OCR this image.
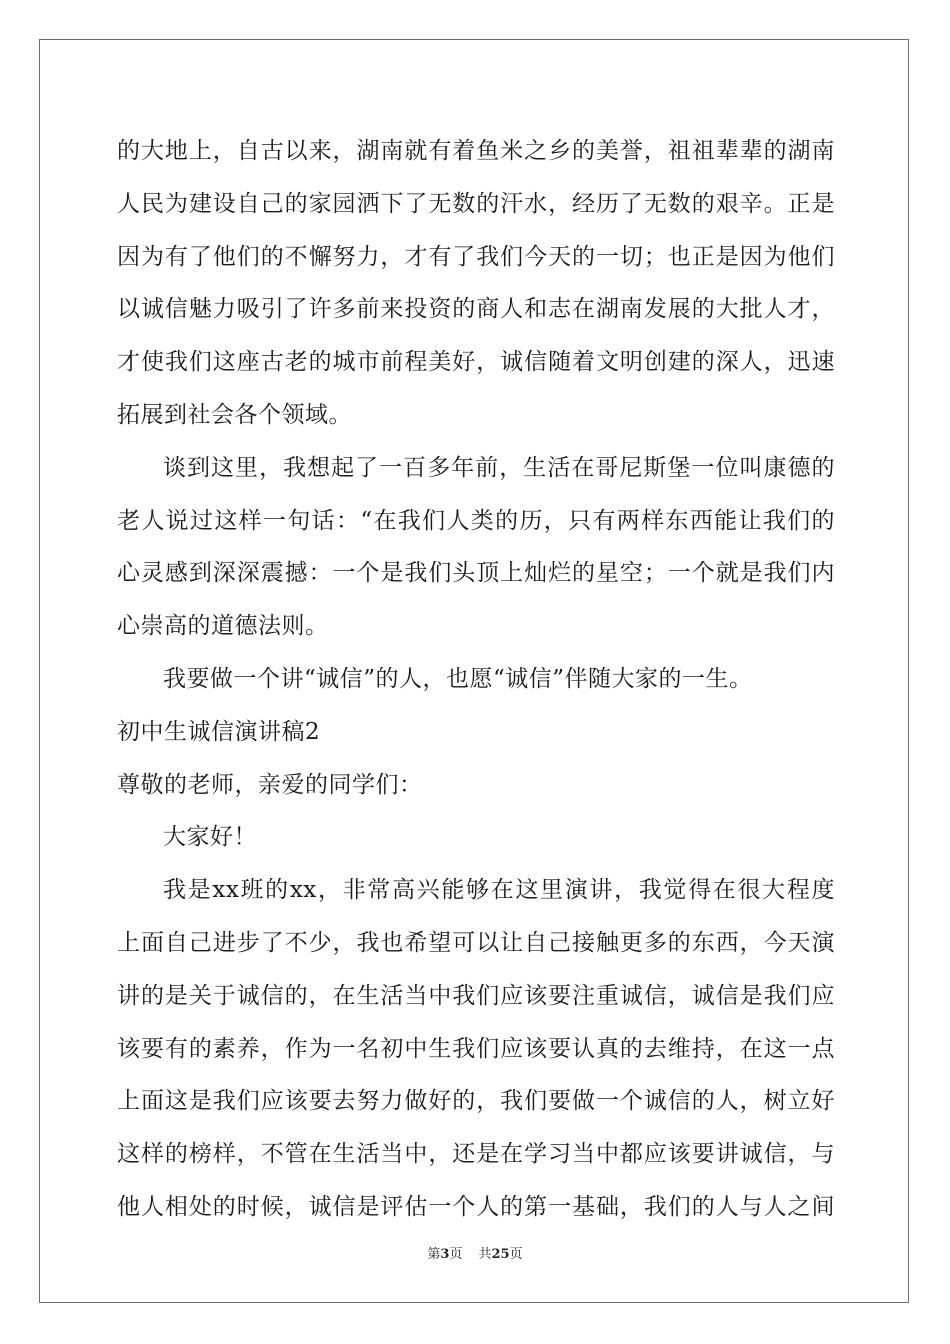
的大地上，自古以来，湖南就有着鱼米之乡的美誉，祖祖辈辈的湖南
人民为建设自己的家园洒下了无数的汗水，经历了无数的艰辛。正是
因为有了他们的不懈努力，才有了我们今天的一切；也正是因为他们
以诚信魅力吸引了许多前来投资的商人和志在湖南发展的大批人才，
才使我们这座古老的城市前程美好，诚信随着文明创建的深人，迅速
拓展到社会各个领域。
谈到这里，我想起了一百多年前，生活在哥尼斯堡一位叫康德的
老人说过这样一句话：“在我们人类的历，只有两样东西能让我们的
心灵感到深深震撼：一个是我们头顶上灿烂的星空；一个就是我们内
心崇高的道德法则。
我要做一个讲“诚信”的人，也愿“诚信”伴随大家的一生。
初中生诚信演讲稿2
尊敬的老师，亲爱的同学们：
大家好！
我是xx班的xx，非常高兴能够在这里演讲，我觉得在很大程度
上面自己进步了不少，我也希望可以让自己接触更多的东西，今天演
讲的是关于诚信的，在生活当中我们应该要注重诚信，诚信是我们应
该要有的素养，作为一名初中生我们应该要认真的去维持，在这一点
上面这是我们应该要去努力做好的，我们要做一个诚信的人，树立好
这样的榜样，不管在生活当中，还是在学习当中都应该要讲诚信，与
他人相处的时候，诚信是评估一个人的第一基础，我们的人与人之间
第3页 共25页
